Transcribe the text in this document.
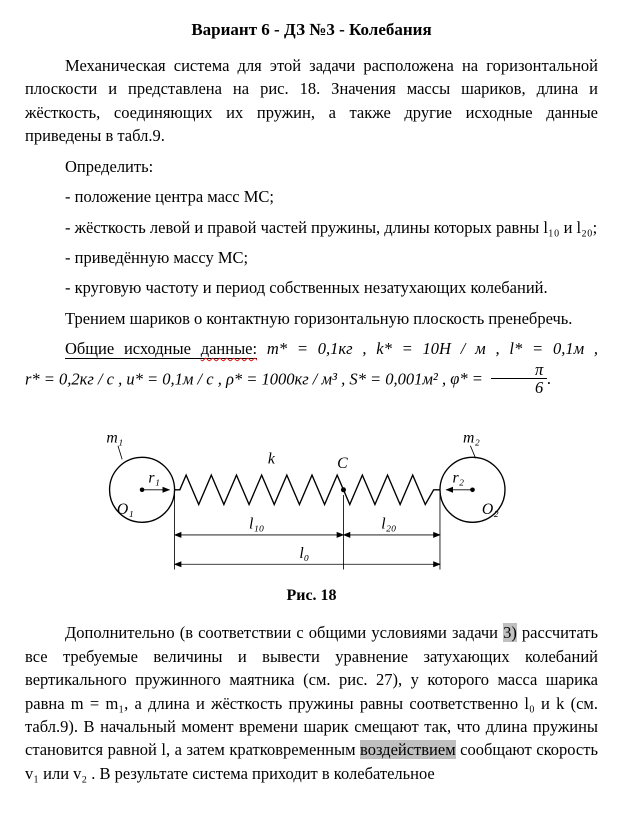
Вариант 6 - ДЗ №3 - Колебания

Механическая система для этой задачи расположена на горизонтальной плоскости и представлена на рис. 18. Значения массы шариков, длина и жёсткость, соединяющих их пружин, а также другие исходные данные приведены в табл.9.

Определить:

- положение центра масс МС;

- жёсткость левой и правой частей пружины, длины которых равны l₁₀ и l₂₀;

- приведённую массу МС;

- круговую частоту и период собственных незатухающих колебаний.

Трением шариков о контактную горизонтальную плоскость пренебречь.

Общие исходные данные: m* = 0,1кг , k* = 10Н / м , l* = 0,1м , r* = 0,2кг / с , u* = 0,1м / с , ρ* = 1000кг / м³ , S* = 0,001м² , $\varphi* = \frac{\pi}{6}$ .

m₁	m₂
k	C
O₁	O₂
r₁	r₂
l₁₀	l₂₀
l₀
Рис. 18

Дополнительно (в соответствии с общими условиями задачи 3) рассчитать все требуемые величины и вывести уравнение затухающих колебаний вертикального пружинного маятника (см. рис. 27), у которого масса шарика равна m = m₁, а длина и жёсткость пружины равны соответственно l₀ и k (см. табл.9). В начальный момент времени шарик смещают так, что длина пружины становится равной l, а затем кратковременным воздействием сообщают скорость v₁ или v₂ . В результате система приходит в колебательное
